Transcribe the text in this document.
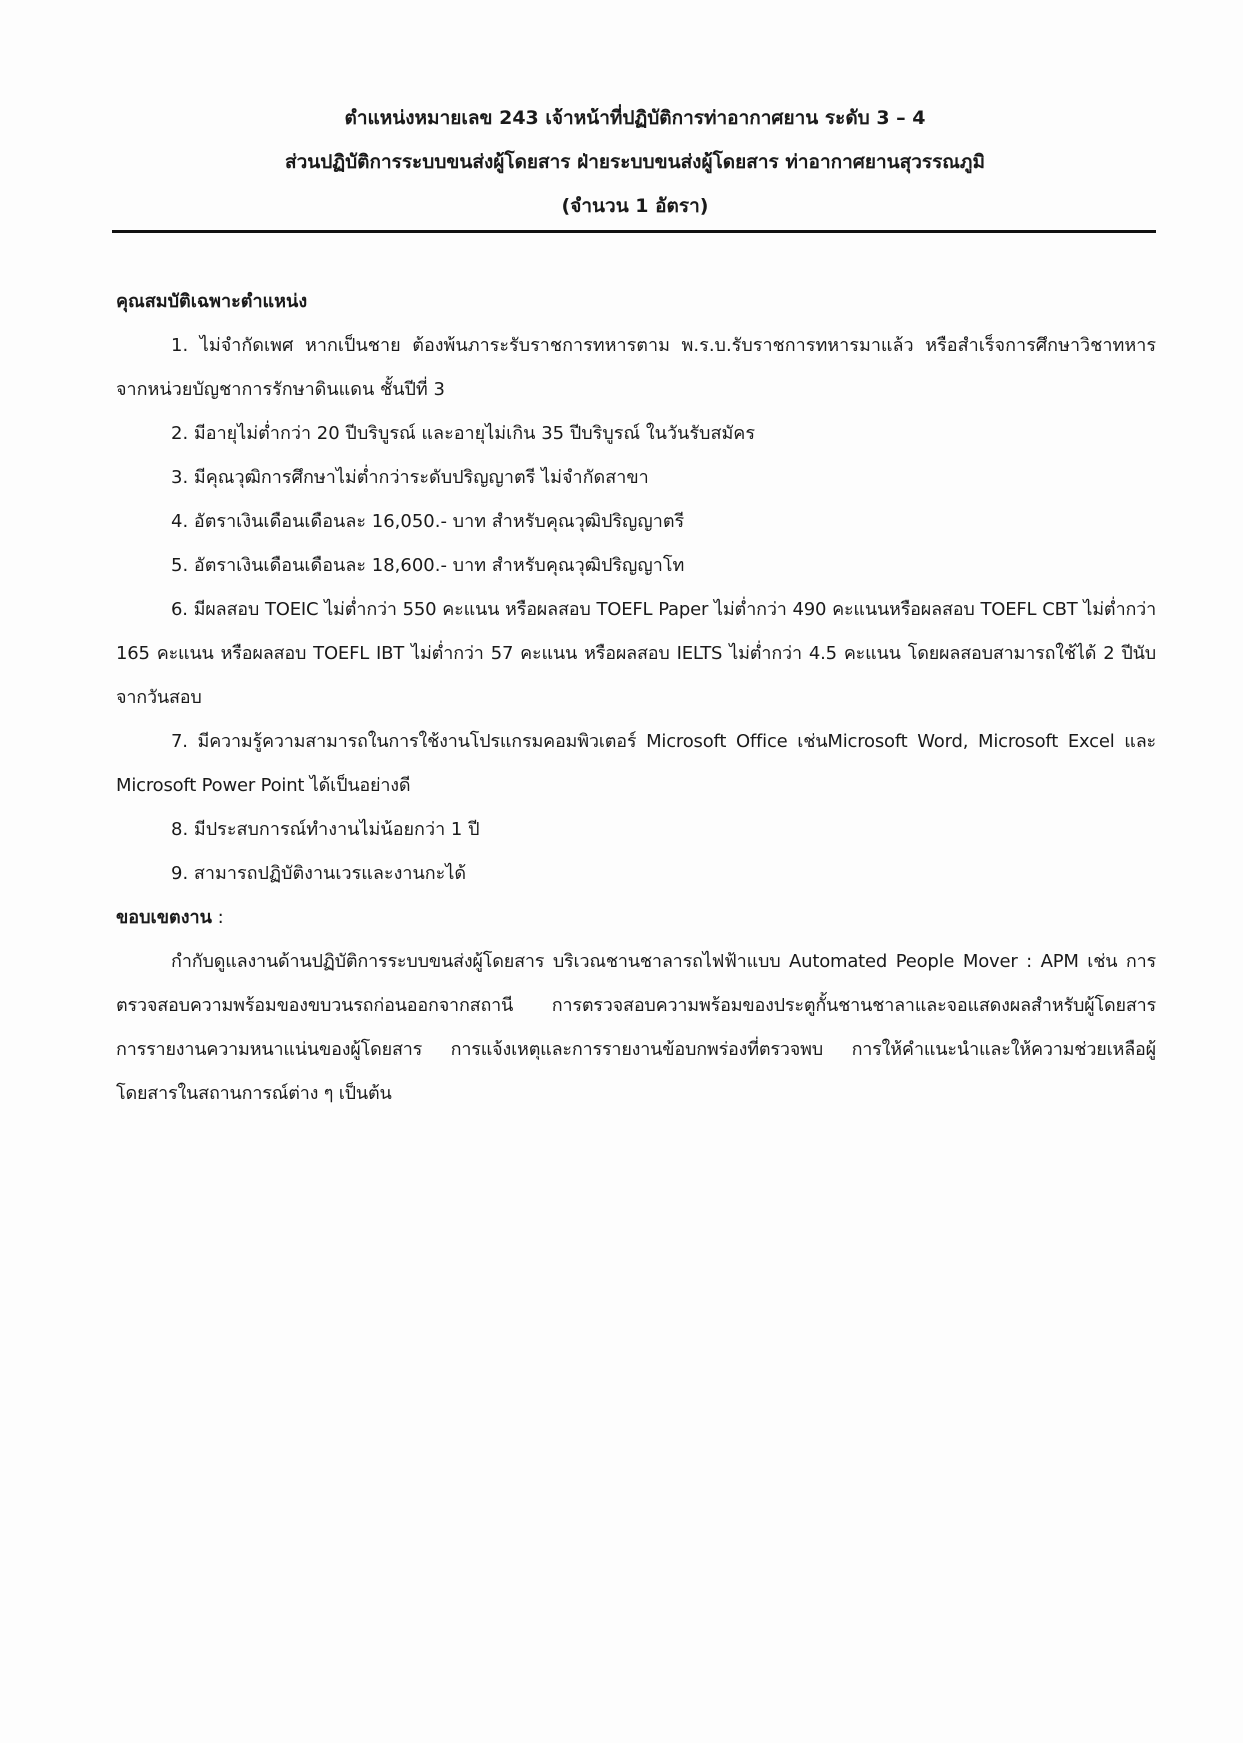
ตำแหน่งหมายเลข 243 เจ้าหน้าที่ปฏิบัติการท่าอากาศยาน ระดับ 3 – 4
ส่วนปฏิบัติการระบบขนส่งผู้โดยสาร ฝ่ายระบบขนส่งผู้โดยสาร ท่าอากาศยานสุวรรณภูมิ
(จำนวน 1 อัตรา)
คุณสมบัติเฉพาะตำแหน่ง

1. ไม่จำกัดเพศ หากเป็นชาย ต้องพ้นภาระรับราชการทหารตาม พ.ร.บ.รับราชการทหารมาแล้ว หรือสำเร็จการศึกษาวิชาทหารจากหน่วยบัญชาการรักษาดินแดน ชั้นปีที่ 3

2. มีอายุไม่ต่ำกว่า 20 ปีบริบูรณ์ และอายุไม่เกิน 35 ปีบริบูรณ์ ในวันรับสมัคร

3. มีคุณวุฒิการศึกษาไม่ต่ำกว่าระดับปริญญาตรี ไม่จำกัดสาขา

4. อัตราเงินเดือนเดือนละ 16,050.- บาท สำหรับคุณวุฒิปริญญาตรี

5. อัตราเงินเดือนเดือนละ 18,600.- บาท สำหรับคุณวุฒิปริญญาโท

6. มีผลสอบ TOEIC ไม่ต่ำกว่า 550 คะแนน หรือผลสอบ TOEFL Paper ไม่ต่ำกว่า 490 คะแนนหรือผลสอบ TOEFL CBT ไม่ต่ำกว่า 165 คะแนน หรือผลสอบ TOEFL IBT ไม่ต่ำกว่า 57 คะแนน หรือผลสอบ IELTS ไม่ต่ำกว่า 4.5 คะแนน โดยผลสอบสามารถใช้ได้ 2 ปีนับจากวันสอบ

7. มีความรู้ความสามารถในการใช้งานโปรแกรมคอมพิวเตอร์ Microsoft Office เช่นMicrosoft Word, Microsoft Excel และ Microsoft Power Point ได้เป็นอย่างดี

8. มีประสบการณ์ทำงานไม่น้อยกว่า 1 ปี

9. สามารถปฏิบัติงานเวรและงานกะได้

ขอบเขตงาน :

กำกับดูแลงานด้านปฏิบัติการระบบขนส่งผู้โดยสาร บริเวณชานชาลารถไฟฟ้าแบบ Automated People Mover : APM เช่น การตรวจสอบความพร้อมของขบวนรถก่อนออกจากสถานี การตรวจสอบความพร้อมของประตูกั้นชานชาลาและจอแสดงผลสำหรับผู้โดยสาร การรายงานความหนาแน่นของผู้โดยสาร การแจ้งเหตุและการรายงานข้อบกพร่องที่ตรวจพบ การให้คำแนะนำและให้ความช่วยเหลือผู้โดยสารในสถานการณ์ต่าง ๆ เป็นต้น
